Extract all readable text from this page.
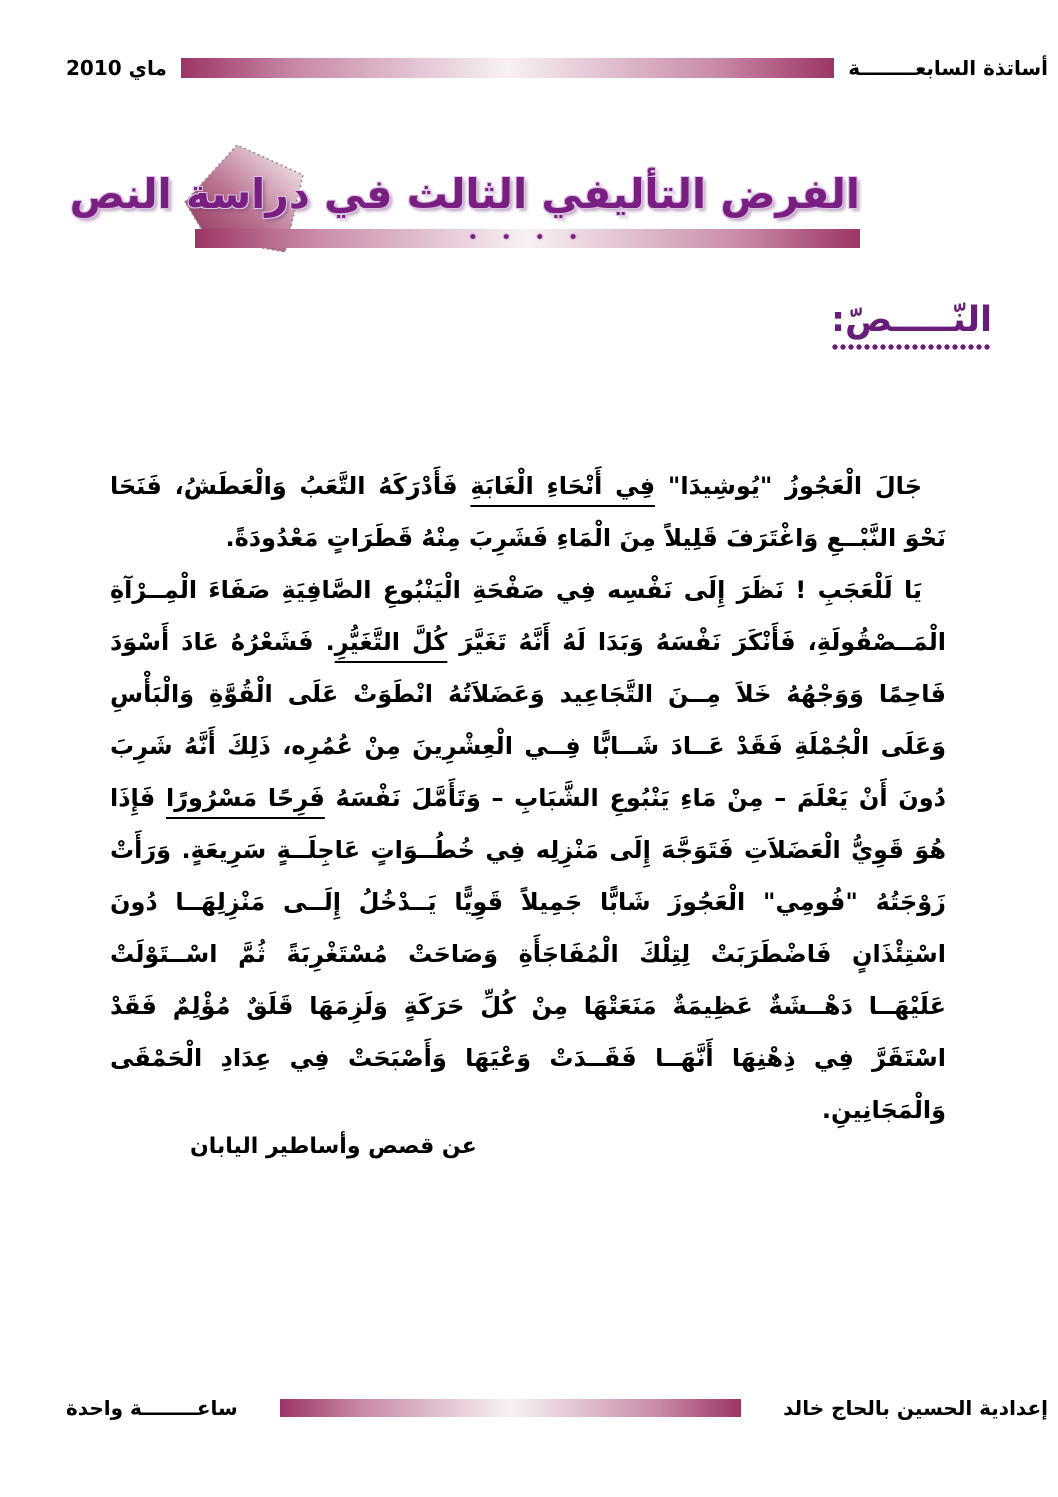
أساتذة السابعــــــــة
ماي 2010
الفرض التأليفي الثالث في دراسة النص
• • • •
النّـــــصّ:

جَالَ الْعَجُوزُ "يُوشِيدَا" فِي أَنْحَاءِ الْغَابَةِ فَأَدْرَكَهُ التَّعَبُ وَالْعَطَشُ، فَنَحَا نَحْوَ النَّبْــعِ وَاغْتَرَفَ قَلِيلاً مِنَ الْمَاءِ فَشَرِبَ مِنْهُ قَطَرَاتٍ مَعْدُودَةً.

يَا لَلْعَجَبِ ! نَظَرَ إِلَى نَفْسِه فِي صَفْحَةِ الْيَنْبُوعِ الصَّافِيَةِ صَفَاءَ الْمِــرْآةِ الْمَــصْقُولَةِ، فَأَنْكَرَ نَفْسَهُ وَبَدَا لَهُ أَنَّهُ تَغَيَّرَ كُلَّ التَّغَيُّرِ. فَشَعْرُهُ عَادَ أَسْوَدَ فَاحِمًا وَوَجْهُهُ خَلاَ مِــنَ التَّجَاعِيد وَعَضَلاَتُهُ انْطَوَتْ عَلَى الْقُوَّةِ وَالْبَأْسِ وَعَلَى الْجُمْلَةِ فَقَدْ عَــادَ شَــابًّا فِــي الْعِشْرِينَ مِنْ عُمُرِه، ذَلِكَ أَنَّهُ شَرِبَ دُونَ أَنْ يَعْلَمَ – مِنْ مَاءِ يَنْبُوعِ الشَّبَابِ – وَتَأَمَّلَ نَفْسَهُ فَرِحًا مَسْرُورًا فَإِذَا هُوَ قَوِيُّ الْعَضَلاَتِ فَتَوَجَّهَ إِلَى مَنْزِلِه فِي خُطُــوَاتٍ عَاجِلَــةٍ سَرِيعَةٍ. وَرَأَتْ زَوْجَتُهُ "فُومِي" الْعَجُوزَ شَابًّا جَمِيلاً قَوِيًّا يَــدْخُلُ إِلَــى مَنْزِلِهَــا دُونَ اسْتِئْذَانٍ فَاضْطَرَبَتْ لِتِلْكَ الْمُفَاجَأَةِ وَصَاحَتْ مُسْتَغْرِبَةً ثُمَّ اسْــتَوْلَتْ عَلَيْهَــا دَهْــشَةٌ عَظِيمَةٌ مَنَعَتْهَا مِنْ كُلِّ حَرَكَةٍ وَلَزِمَهَا قَلَقٌ مُؤْلِمٌ فَقَدْ اسْتَقَرَّ فِي ذِهْنِهَا أَنَّهَــا فَقَــدَتْ وَعْيَهَا وَأَصْبَحَتْ فِي عِدَادِ الْحَمْقَى وَالْمَجَانِينِ.

عن قصص وأساطير اليابان
إعدادية الحسين بالحاج خالد
ساعــــــــة واحدة
